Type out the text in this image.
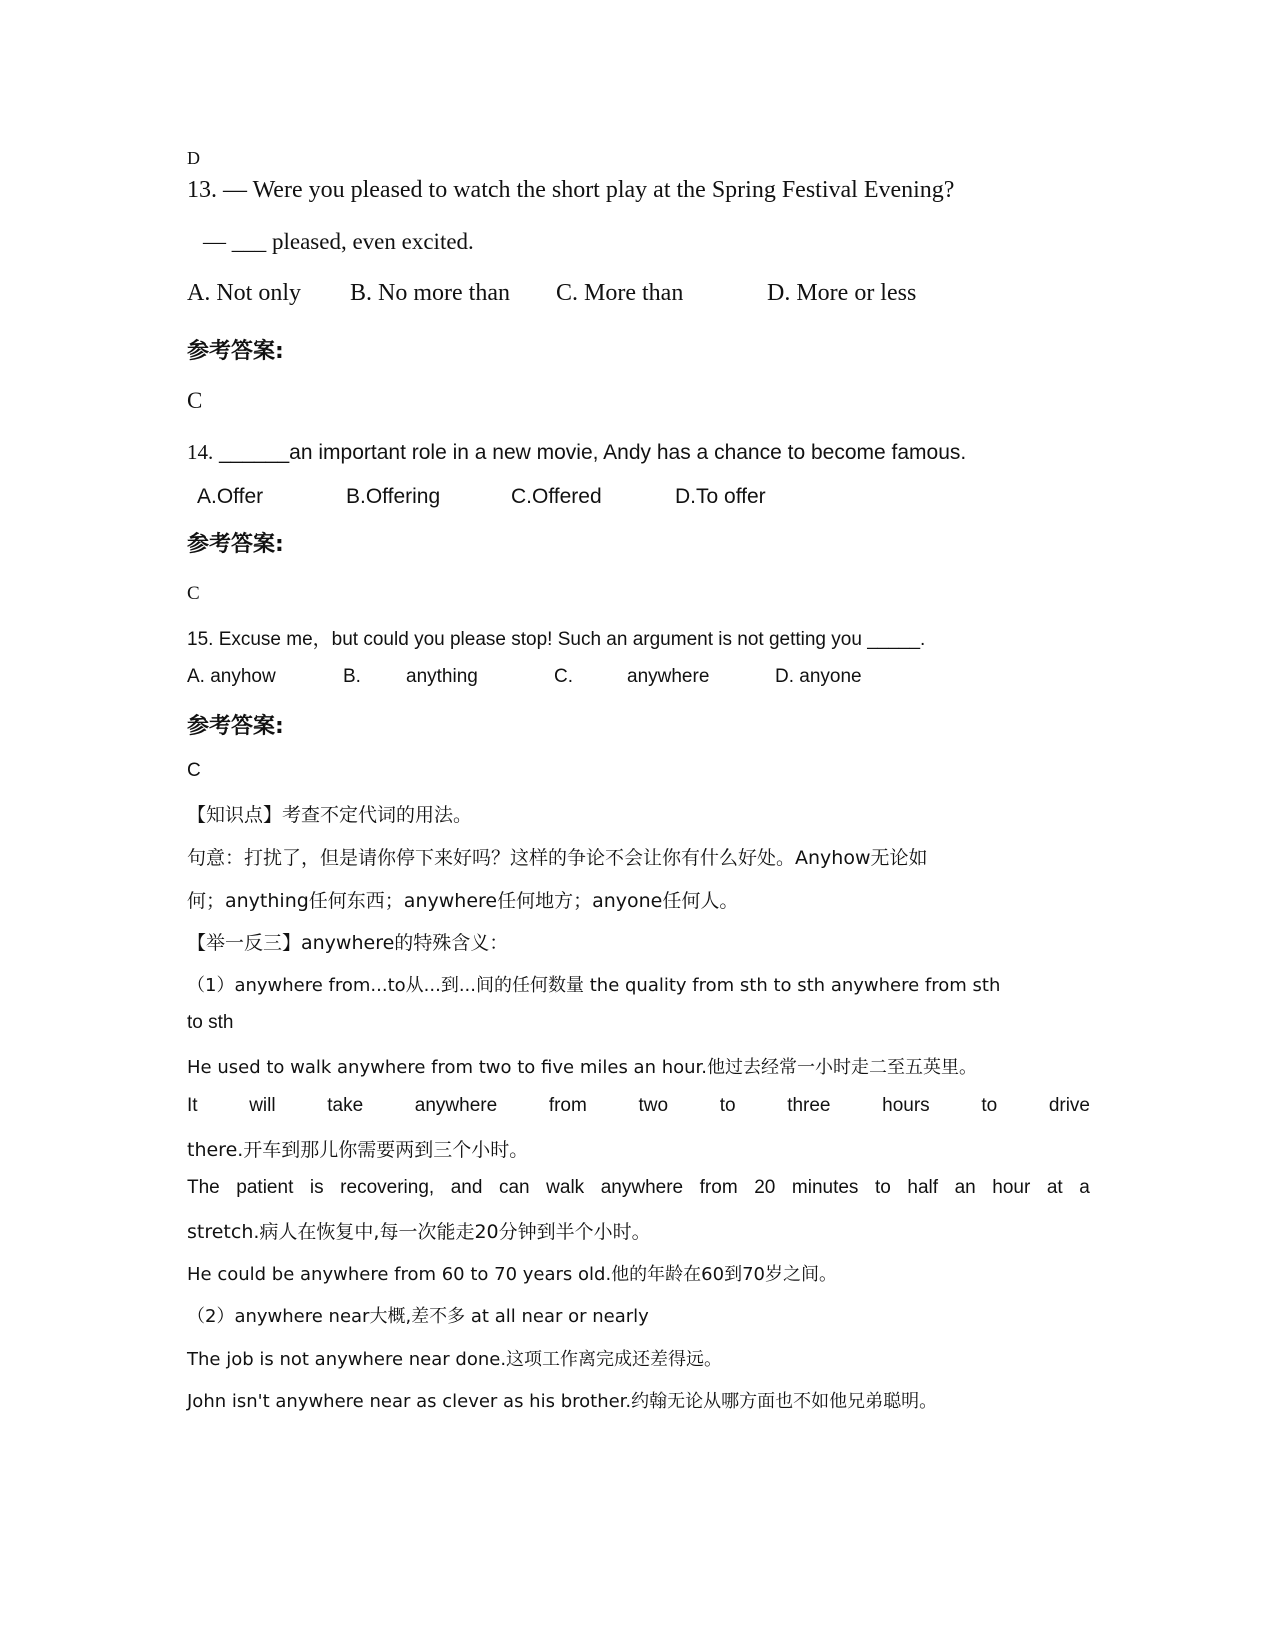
D
13. — Were you pleased to watch the short play at the Spring Festival Evening?
— ___ pleased, even excited.
A. Not only B. No more than C. More than	D. More or less
参考答案:
C
14. ______an important role in a new movie, Andy has a chance to become famous.
A.Offer	B.Offering	C.Offered	D.To offer
参考答案:
C
15. Excuse me，but could you please stop! Such an argument is not getting you _____.
A. anyhow	B. anything	C.	anywhere	D. anyone
参考答案:
C
【知识点】考查不定代词的用法。
句意：打扰了，但是请你停下来好吗？这样的争论不会让你有什么好处。Anyhow无论如
何；anything任何东西；anywhere任何地方；anyone任何人。
【举一反三】anywhere的特殊含义：
（1）anywhere from...to从...到...间的任何数量 the quality from sth to sth anywhere from sth
to sth
He used to walk anywhere from two to five miles an hour.他过去经常一小时走二至五英里。
It	will	take	anywhere	from	two	to	three	hours	to	drive
there.开车到那儿你需要两到三个小时。
The patient is recovering, and can walk anywhere from 20 minutes to half an hour at a
stretch.病人在恢复中,每一次能走20分钟到半个小时。
He could be anywhere from 60 to 70 years old.他的年龄在60到70岁之间。
（2）anywhere near大概,差不多 at all near or nearly
The job is not anywhere near done.这项工作离完成还差得远。
John isn't anywhere near as clever as his brother.约翰无论从哪方面也不如他兄弟聪明。
